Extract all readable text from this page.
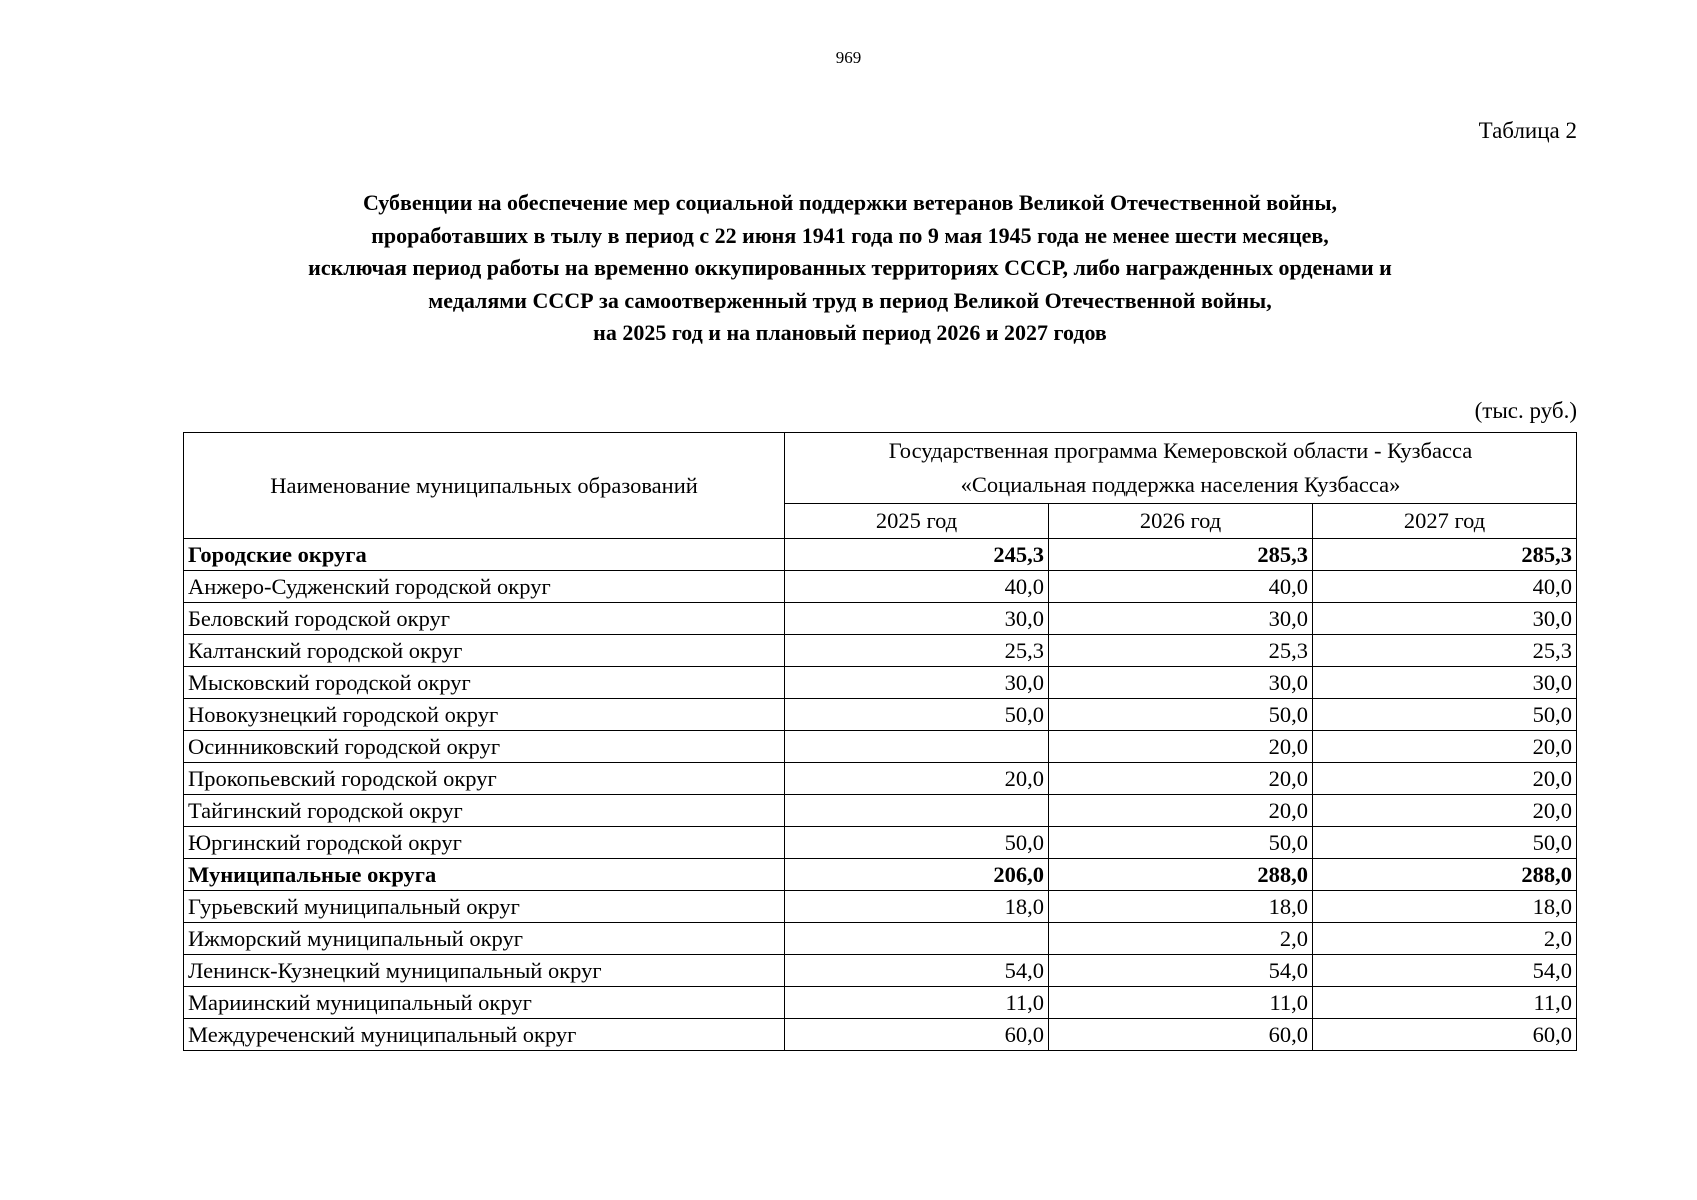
969
Таблица 2
Субвенции на обеспечение мер социальной поддержки ветеранов Великой Отечественной войны,
проработавших в тылу в период с 22 июня 1941 года по 9 мая 1945 года не менее шести месяцев,
исключая период работы на временно оккупированных территориях СССР, либо награжденных орденами и
медалями СССР за самоотверженный труд в период Великой Отечественной войны,
на 2025 год и на плановый период 2026 и 2027 годов
(тыс. руб.)
Наименование муниципальных образований	Государственная программа Кемеровской области - Кузбасса
«Социальная поддержка населения Кузбасса»		

	2025 год	2026 год	2027 год
Городские округа	245,3	285,3	285,3
Анжеро-Судженский городской округ	40,0	40,0	40,0
Беловский городской округ	30,0	30,0	30,0
Калтанский городской округ	25,3	25,3	25,3
Мысковский городской округ	30,0	30,0	30,0
Новокузнецкий городской округ	50,0	50,0	50,0
Осинниковский городской округ		20,0	20,0
Прокопьевский городской округ	20,0	20,0	20,0
Тайгинский городской округ		20,0	20,0
Юргинский городской округ	50,0	50,0	50,0
Муниципальные округа	206,0	288,0	288,0
Гурьевский муниципальный округ	18,0	18,0	18,0
Ижморский муниципальный округ		2,0	2,0
Ленинск-Кузнецкий муниципальный округ	54,0	54,0	54,0
Мариинский муниципальный округ	11,0	11,0	11,0
Междуреченский муниципальный округ	60,0	60,0	60,0
